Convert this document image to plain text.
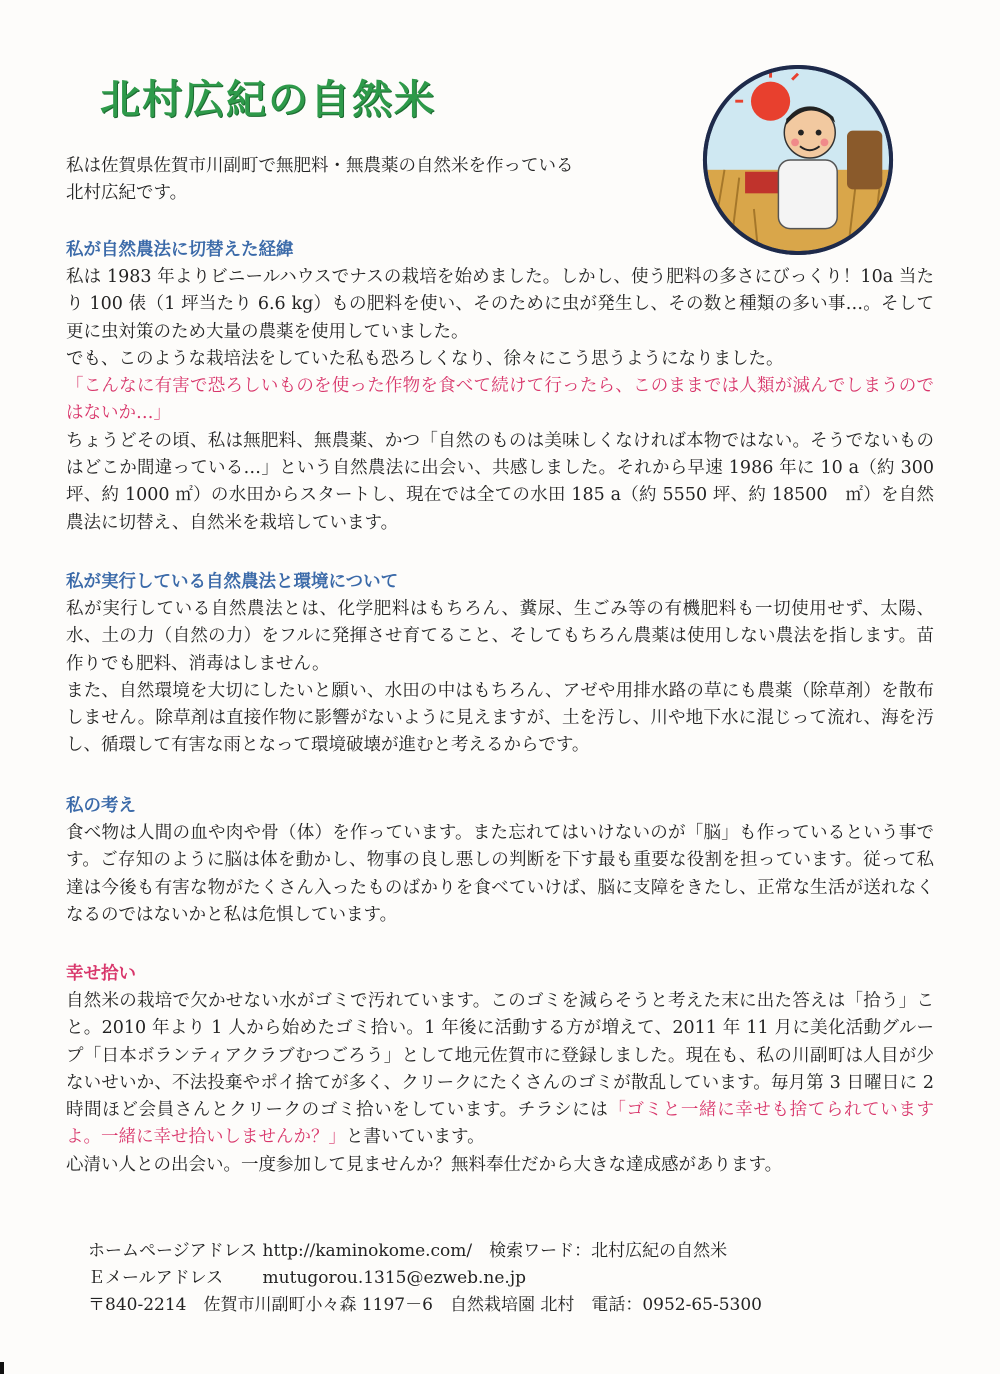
北村広紀の自然米
私は佐賀県佐賀市川副町で無肥料・無農薬の自然米を作っている
北村広紀です。
私が自然農法に切替えた経緯

私は 1983 年よりビニールハウスでナスの栽培を始めました。しかし、使う肥料の多さにびっくり！10a 当たり 100 俵（1 坪当たり 6.6 kg）もの肥料を使い、そのために虫が発生し、その数と種類の多い事…。そして更に虫対策のため大量の農薬を使用していました。

でも、このような栽培法をしていた私も恐ろしくなり、徐々にこう思うようになりました。

「こんなに有害で恐ろしいものを使った作物を食べて続けて行ったら、このままでは人類が滅んでしまうのではないか…」

ちょうどその頃、私は無肥料、無農薬、かつ「自然のものは美味しくなければ本物ではない。そうでないものはどこか間違っている…」という自然農法に出会い、共感しました。それから早速 1986 年に 10 a（約 300 坪、約 1000 ㎡）の水田からスタートし、現在では全ての水田 185 a（約 5550 坪、約 18500　㎡）を自然農法に切替え、自然米を栽培しています。

私が実行している自然農法と環境について

私が実行している自然農法とは、化学肥料はもちろん、糞尿、生ごみ等の有機肥料も一切使用せず、太陽、水、土の力（自然の力）をフルに発揮させ育てること、そしてもちろん農薬は使用しない農法を指します。苗作りでも肥料、消毒はしません。

また、自然環境を大切にしたいと願い、水田の中はもちろん、アゼや用排水路の草にも農薬（除草剤）を散布しません。除草剤は直接作物に影響がないように見えますが、土を汚し、川や地下水に混じって流れ、海を汚し、循環して有害な雨となって環境破壊が進むと考えるからです。

私の考え

食べ物は人間の血や肉や骨（体）を作っています。また忘れてはいけないのが「脳」も作っているという事です。ご存知のように脳は体を動かし、物事の良し悪しの判断を下す最も重要な役割を担っています。従って私達は今後も有害な物がたくさん入ったものばかりを食べていけば、脳に支障をきたし、正常な生活が送れなくなるのではないかと私は危惧しています。

幸せ拾い

自然米の栽培で欠かせない水がゴミで汚れています。このゴミを減らそうと考えた末に出た答えは「拾う」こと。2010 年より 1 人から始めたゴミ拾い。1 年後に活動する方が増えて、2011 年 11 月に美化活動グループ「日本ボランティアクラブむつごろう」として地元佐賀市に登録しました。現在も、私の川副町は人目が少ないせいか、不法投棄やポイ捨てが多く、クリークにたくさんのゴミが散乱しています。毎月第 3 日曜日に 2 時間ほど会員さんとクリークのゴミ拾いをしています。チラシには「ゴミと一緒に幸せも捨てられていますよ。一緒に幸せ拾いしませんか？」と書いています。

心清い人との出会い。一度参加して見ませんか？無料奉仕だから大きな達成感があります。

ホームページアドレス http://kaminokome.com/　検索ワード：北村広紀の自然米
Ｅメールアドレス　　 mutugorou.1315@ezweb.ne.jp
〒840-2214　佐賀市川副町小々森 1197－6　自然栽培園 北村　電話：0952-65-5300
